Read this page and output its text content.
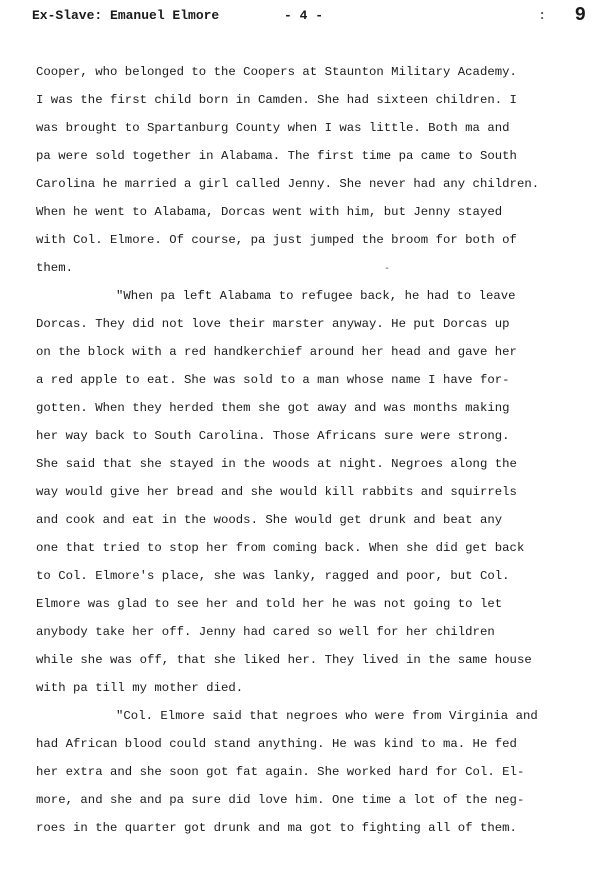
Ex-Slave: Emanuel Elmore	- 4 -	: 9
-
Cooper, who belonged to the Coopers at Staunton Military Academy.
I was the first child born in Camden. She had sixteen children. I
was brought to Spartanburg County when I was little. Both ma and
pa were sold together in Alabama. The first time pa came to South
Carolina he married a girl called Jenny. She never had any children.
When he went to Alabama, Dorcas went with him, but Jenny stayed
with Col. Elmore. Of course, pa just jumped the broom for both of
them.
"When pa left Alabama to refugee back, he had to leave
Dorcas. They did not love their marster anyway. He put Dorcas up
on the block with a red handkerchief around her head and gave her
a red apple to eat. She was sold to a man whose name I have for-
gotten. When they herded them she got away and was months making
her way back to South Carolina. Those Africans sure were strong.
She said that she stayed in the woods at night. Negroes along the
way would give her bread and she would kill rabbits and squirrels
and cook and eat in the woods. She would get drunk and beat any
one that tried to stop her from coming back. When she did get back
to Col. Elmore's place, she was lanky, ragged and poor, but Col.
Elmore was glad to see her and told her he was not going to let
anybody take her off. Jenny had cared so well for her children
while she was off, that she liked her. They lived in the same house
with pa till my mother died.
"Col. Elmore said that negroes who were from Virginia and
had African blood could stand anything. He was kind to ma. He fed
her extra and she soon got fat again. She worked hard for Col. El-
more, and she and pa sure did love him. One time a lot of the neg-
roes in the quarter got drunk and ma got to fighting all of them.
